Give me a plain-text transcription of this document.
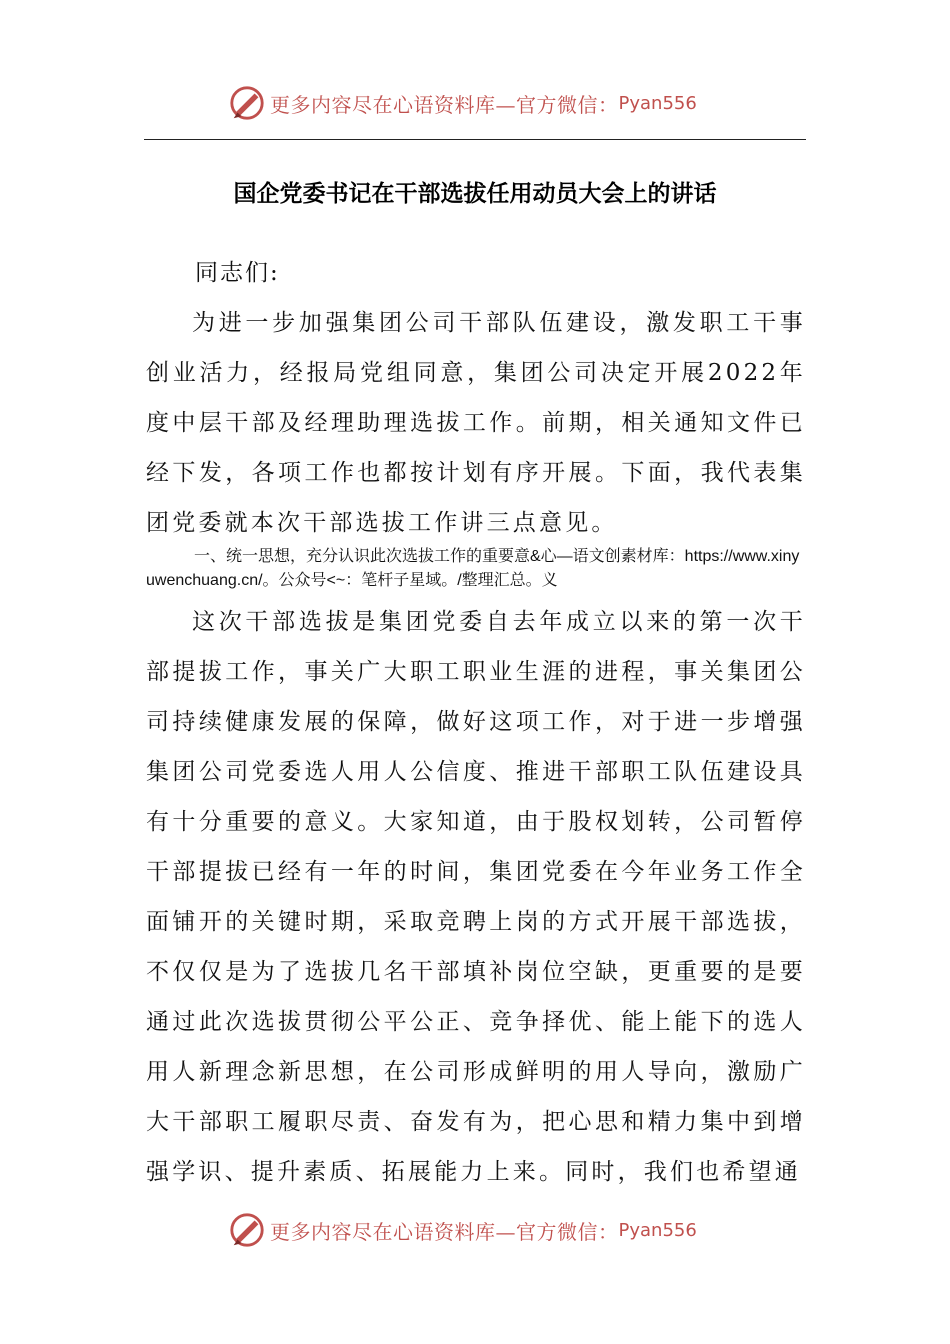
更多内容尽在心语资料库—官方微信： Pyan556
国企党委书记在干部选拔任用动员大会上的讲话
同志们:

为进一步加强集团公司干部队伍建设，激发职工干事创业活力，经报局党组同意，集团公司决定开展2022年度中层干部及经理助理选拔工作。前期，相关通知文件已经下发，各项工作也都按计划有序开展。下面，我代表集团党委就本次干部选拔工作讲三点意见。

一、统一思想，充分认识此次选拔工作的重要意&心—语文创素材库：https://www.xinyuwenchuang.cn/。公众号<~：笔杆子星域。/整理汇总。义

这次干部选拔是集团党委自去年成立以来的第一次干部提拔工作，事关广大职工职业生涯的进程，事关集团公司持续健康发展的保障，做好这项工作，对于进一步增强集团公司党委选人用人公信度、推进干部职工队伍建设具有十分重要的意义。大家知道，由于股权划转，公司暂停干部提拔已经有一年的时间，集团党委在今年业务工作全面铺开的关键时期，采取竞聘上岗的方式开展干部选拔，不仅仅是为了选拔几名干部填补岗位空缺，更重要的是要通过此次选拔贯彻公平公正、竞争择优、能上能下的选人用人新理念新思想，在公司形成鲜明的用人导向，激励广大干部职工履职尽责、奋发有为，把心思和精力集中到增强学识、提升素质、拓展能力上来。同时，我们也希望通

更多内容尽在心语资料库—官方微信： Pyan556
